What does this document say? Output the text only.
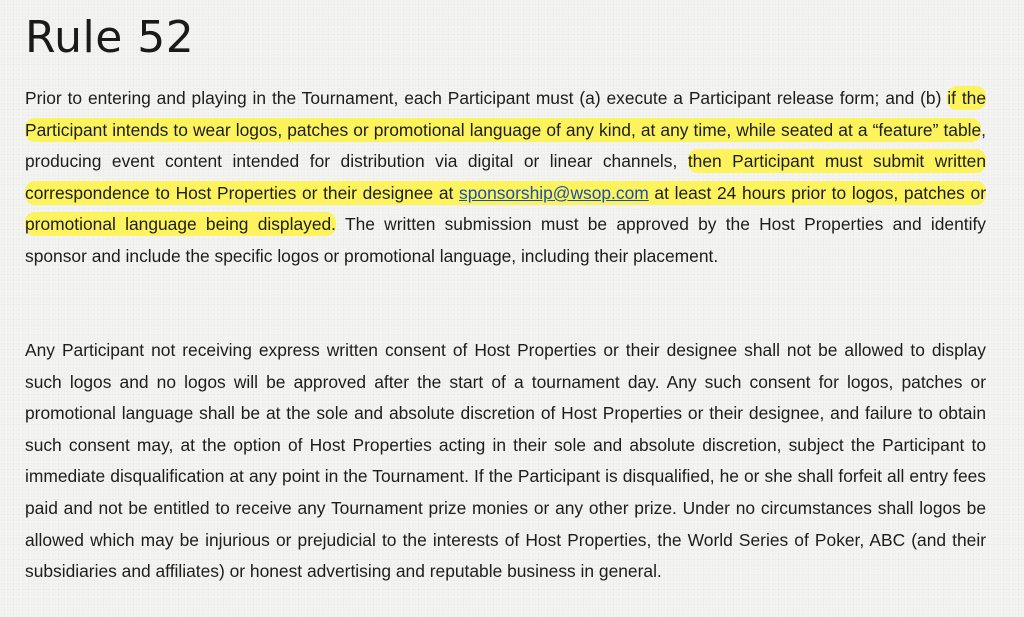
Rule 52

Prior to entering and playing in the Tournament, each Participant must (a) execute a Participant release form; and (b) if the Participant intends to wear logos, patches or promotional language of any kind, at any time, while seated at a “feature” table, producing event content intended for distribution via digital or linear channels, then Participant must submit written correspondence to Host Properties or their designee at sponsorship@wsop.com at least 24 hours prior to logos, patches or promotional language being displayed. The written submission must be approved by the Host Properties and identify sponsor and include the specific logos or promotional language, including their placement.

Any Participant not receiving express written consent of Host Properties or their designee shall not be allowed to display such logos and no logos will be approved after the start of a tournament day. Any such consent for logos, patches or promotional language shall be at the sole and absolute discretion of Host Properties or their designee, and failure to obtain such consent may, at the option of Host Properties acting in their sole and absolute discretion, subject the Participant to immediate disqualification at any point in the Tournament. If the Participant is disqualified, he or she shall forfeit all entry fees paid and not be entitled to receive any Tournament prize monies or any other prize. Under no circumstances shall logos be allowed which may be injurious or prejudicial to the interests of Host Properties, the World Series of Poker, ABC (and their subsidiaries and affiliates) or honest advertising and reputable business in general.
